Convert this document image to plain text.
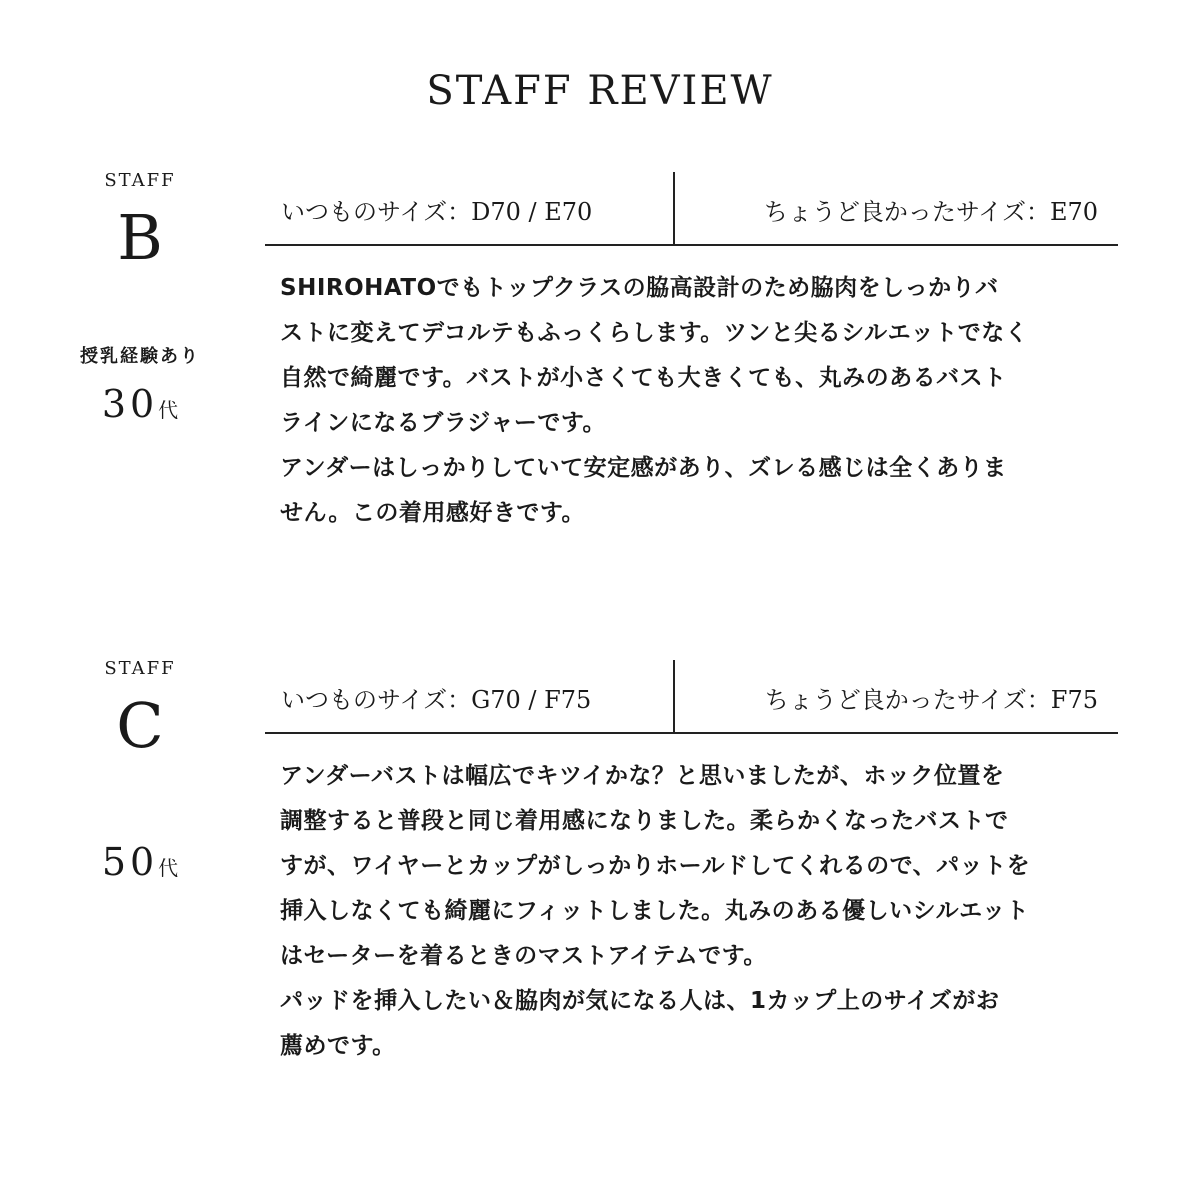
STAFF REVIEW
STAFF
B
授乳経験あり
30代
いつものサイズ：D70 / E70	ちょうど良かったサイズ：E70
SHIROHATOでもトップクラスの脇高設計のため脇肉をしっかりバ
ストに変えてデコルテもふっくらします。ツンと尖るシルエットでなく
自然で綺麗です。バストが小さくても大きくても、丸みのあるバスト
ラインになるブラジャーです。
アンダーはしっかりしていて安定感があり、ズレる感じは全くありま
せん。この着用感好きです。
STAFF
C
50代
いつものサイズ：G70 / F75	ちょうど良かったサイズ：F75
アンダーバストは幅広でキツイかな？と思いましたが、ホック位置を
調整すると普段と同じ着用感になりました。柔らかくなったバストで
すが、ワイヤーとカップがしっかりホールドしてくれるので、パットを
挿入しなくても綺麗にフィットしました。丸みのある優しいシルエット
はセーターを着るときのマストアイテムです。
パッドを挿入したい＆脇肉が気になる人は、1カップ上のサイズがお
薦めです。
